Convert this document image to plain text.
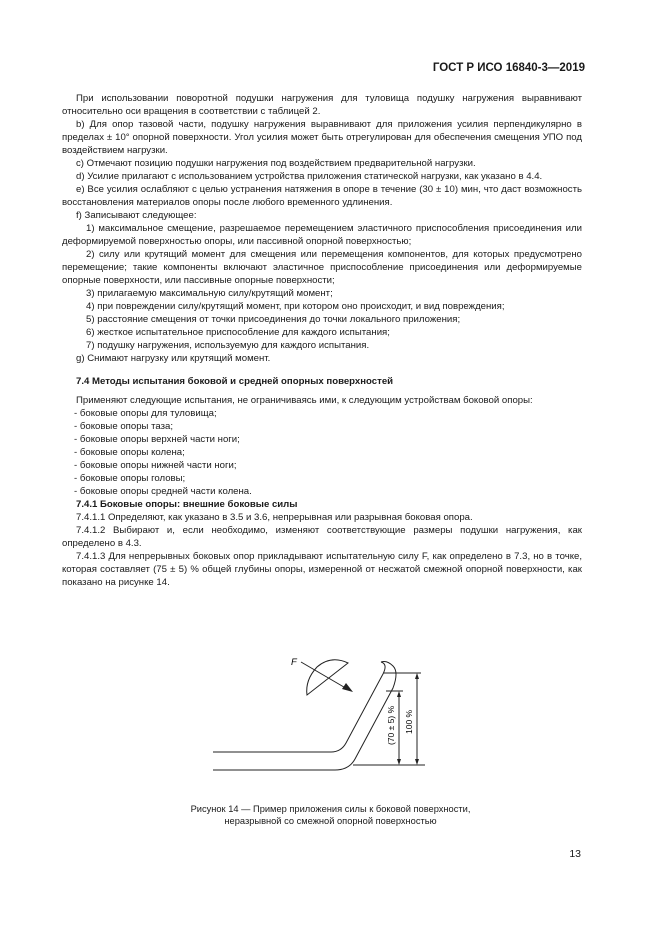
ГОСТ Р ИСО 16840-3—2019

При использовании поворотной подушки нагружения для туловища подушку нагружения выравнивают относительно оси вращения в соответствии с таблицей 2.

b) Для опор тазовой части, подушку нагружения выравнивают для приложения усилия перпендикулярно в пределах ± 10° опорной поверхности. Угол усилия может быть отрегулирован для обеспечения смещения УПО под воздействием нагрузки.

c) Отмечают позицию подушки нагружения под воздействием предварительной нагрузки.

d) Усилие прилагают с использованием устройства приложения статической нагрузки, как указано в 4.4.

e) Все усилия ослабляют с целью устранения натяжения в опоре в течение (30 ± 10) мин, что даст возможность восстановления материалов опоры после любого временного удлинения.

f) Записывают следующее:

1) максимальное смещение, разрешаемое перемещением эластичного приспособления присоединения или деформируемой поверхностью опоры, или пассивной опорной поверхностью;

2) силу или крутящий момент для смещения или перемещения компонентов, для которых предусмотрено перемещение; такие компоненты включают эластичное приспособление присоединения или деформируемые опорные поверхности, или пассивные опорные поверхности;

3) прилагаемую максимальную силу/крутящий момент;

4) при повреждении силу/крутящий момент, при котором оно происходит, и вид повреждения;

5) расстояние смещения от точки присоединения до точки локального приложения;

6) жесткое испытательное приспособление для каждого испытания;

7) подушку нагружения, используемую для каждого испытания.

g) Снимают нагрузку или крутящий момент.

7.4 Методы испытания боковой и средней опорных поверхностей

Применяют следующие испытания, не ограничиваясь ими, к следующим устройствам боковой опоры:

- боковые опоры для туловища;

- боковые опоры таза;

- боковые опоры верхней части ноги;

- боковые опоры колена;

- боковые опоры нижней части ноги;

- боковые опоры головы;

- боковые опоры средней части колена.

7.4.1 Боковые опоры: внешние боковые силы

7.4.1.1 Определяют, как указано в 3.5 и 3.6, непрерывная или разрывная боковая опора.

7.4.1.2 Выбирают и, если необходимо, изменяют соответствующие размеры подушки нагружения, как определено в 4.3.

7.4.1.3 Для непрерывных боковых опор прикладывают испытательную силу F, как определено в 7.3, но в точке, которая составляет (75 ± 5) % общей глубины опоры, измеренной от несжатой смежной опорной поверхности, как показано на рисунке 14.

F
(70 ± 5) % 100 %
Рисунок 14 — Пример приложения силы к боковой поверхности,
неразрывной со смежной опорной поверхностью
13
